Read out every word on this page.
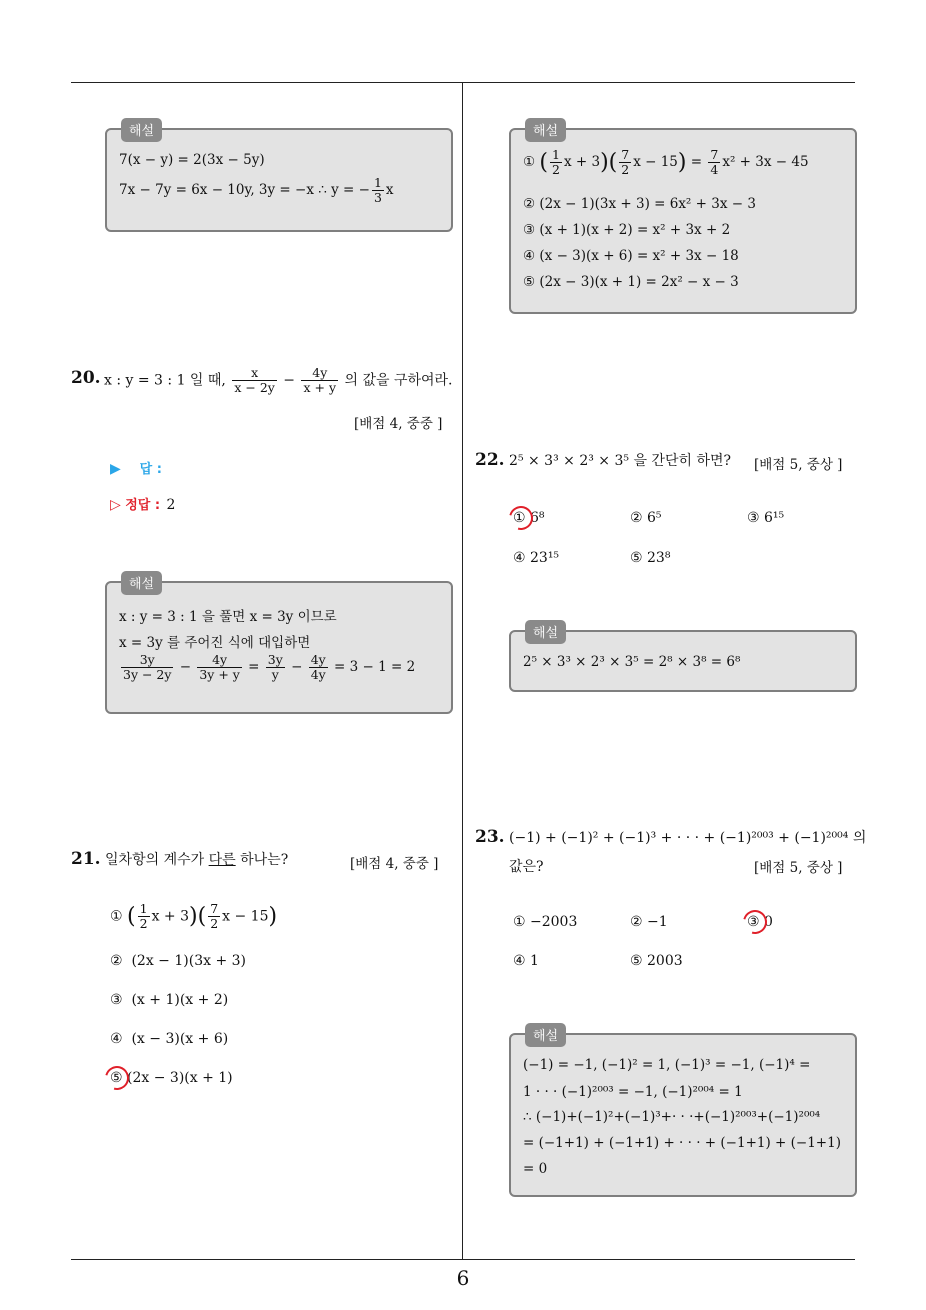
6
해설
7(x − y) = 2(3x − 5y)
7x − 7y = 6x − 10y, 3y = −x ∴ y = − $\frac{1}{3}$ x
20. x : y = 3 : 1 일 때, $\frac{x}{x - 2y} - \frac{4y}{x + y}$ 의 값을 구하여라.
[배점 4, 중중 ]
▶ 답 :
▷ 정답 : 2
해설
x : y = 3 : 1 을 풀면 x = 3y 이므로
x = 3y 를 주어진 식에 대입하면
$\frac{3y}{3y - 2y} - \frac{4y}{3y + y} = \frac{3y}{y} - \frac{4y}{4y} = 3 - 1 = 2$
21. 일차항의 계수가 다른 하나는?	[배점 4, 중중 ]
① ( $\frac{1}{2}$ $x + 3)( \frac{7}{2}$ x − 15)
② (2x − 1)(3x + 3)
③ (x + 1)(x + 2)
④ (x − 3)(x + 6)
⑤ (2x − 3)(x + 1)
해설
① ( $\frac{1}{2}$ $x + 3)( \frac{7}{2}$ $x - 15) = \frac{7}{4} x^2 + 3x - 45$
② (2x − 1)(3x + 3) = 6x² + 3x − 3
③ (x + 1)(x + 2) = x² + 3x + 2
④ (x − 3)(x + 6) = x² + 3x − 18
⑤ (2x − 3)(x + 1) = 2x² − x − 3
22. 2⁵ × 3³ × 2³ × 3⁵ 을 간단히 하면? [배점 5, 중상 ]
① 6⁸	② 6⁵	③ 6¹⁵
④ 23¹⁵	⑤ 23⁸
해설
2⁵ × 3³ × 2³ × 3⁵ = 2⁸ × 3⁸ = 6⁸
23. (−1) + (−1)² + (−1)³ + · · · + (−1)²⁰⁰³ + (−1)²⁰⁰⁴ 의
값은?	[배점 5, 중상 ]
① −2003	② −1	③ 0
④ 1	⑤ 2003
해설
(−1) = −1, (−1)² = 1, (−1)³ = −1, (−1)⁴ =
1 · · · (−1)²⁰⁰³ = −1, (−1)²⁰⁰⁴ = 1
∴ (−1)+(−1)²+(−1)³+· · ·+(−1)²⁰⁰³+(−1)²⁰⁰⁴
= (−1+1) + (−1+1) + · · · + (−1+1) + (−1+1)
= 0
